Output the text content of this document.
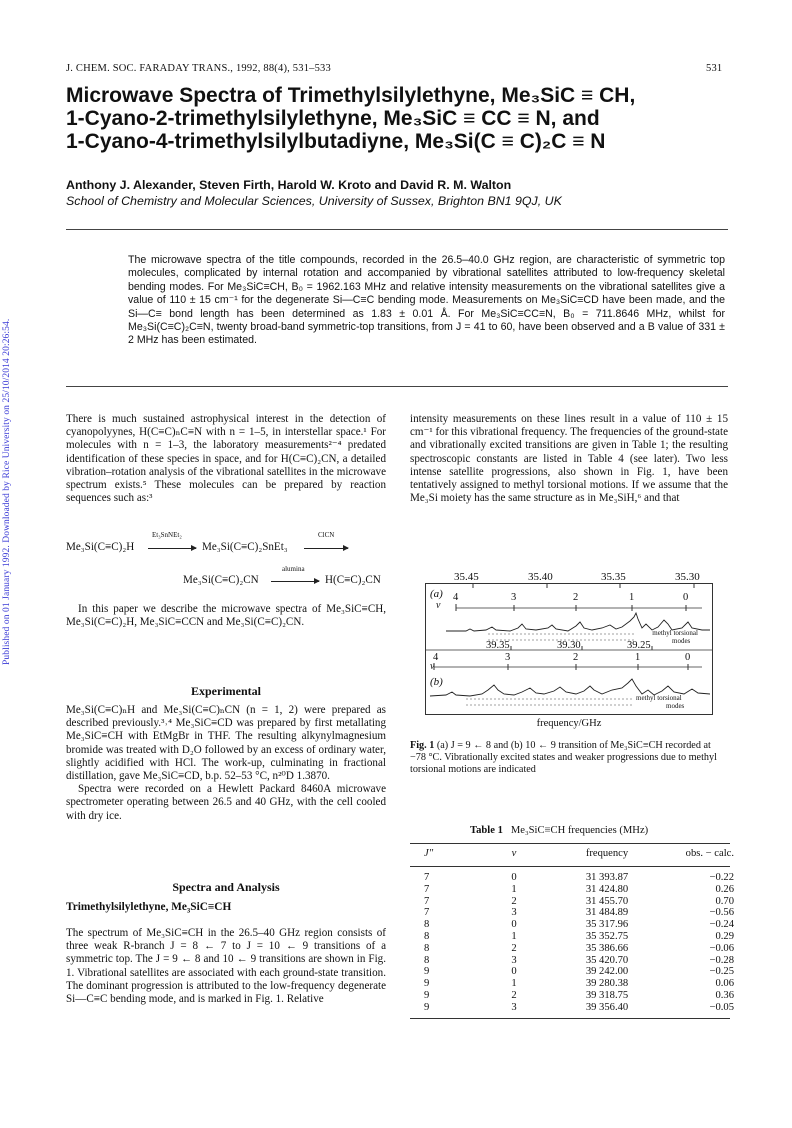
Published on 01 January 1992. Downloaded by Rice University on 25/10/2014 20:26:54.
J. CHEM. SOC. FARADAY TRANS., 1992, 88(4), 531–533	531
Microwave Spectra of Trimethylsilylethyne, Me₃SiC ≡ CH,
1-Cyano-2-trimethylsilylethyne, Me₃SiC ≡ CC ≡ N, and
1-Cyano-4-trimethylsilylbutadiyne, Me₃Si(C ≡ C)₂C ≡ N
Anthony J. Alexander, Steven Firth, Harold W. Kroto and David R. M. Walton
School of Chemistry and Molecular Sciences, University of Sussex, Brighton BN1 9QJ, UK
The microwave spectra of the title compounds, recorded in the 26.5–40.0 GHz region, are characteristic of symmetric top molecules, complicated by internal rotation and accompanied by vibrational satellites attributed to low-frequency skeletal bending modes. For Me₃SiC≡CH, B₀ = 1962.163 MHz and relative intensity measurements on the vibrational satellites give a value of 110 ± 15 cm⁻¹ for the degenerate Si—C≡C bending mode. Measurements on Me₃SiC≡CD have been made, and the Si—C≡ bond length has been determined as 1.83 ± 0.01 Å. For Me₃SiC≡CC≡N, B₀ = 711.8646 MHz, whilst for Me₃Si(C≡C)₂C≡N, twenty broad-band symmetric-top transitions, from J = 41 to 60, have been observed and a B value of 331 ± 2 MHz has been estimated.

There is much sustained astrophysical interest in the detection of cyanopolyynes, H(C≡C)ₙC≡N with n = 1–5, in interstellar space.¹ For molecules with n = 1–3, the laboratory measurements²⁻⁴ predated identification of these species in space, and for H(C≡C)₂CN, a detailed vibration–rotation analysis of the vibrational satellites in the microwave spectrum exists.⁵ These molecules can be prepared by reaction sequences such as:³

Me₃Si(C≡C)₂H
Et₃SnNEt₂
Me₃Si(C≡C)₂SnEt₃
ClCN
Me₃Si(C≡C)₂CN
alumina
H(C≡C)₂CN

In this paper we describe the microwave spectra of Me₃SiC≡CH, Me₃Si(C≡C)₂H, Me₃SiC≡CCN and Me₃Si(C≡C)₂CN.

Experimental

Me₃Si(C≡C)ₙH and Me₃Si(C≡C)ₙCN (n = 1, 2) were prepared as described previously.³˒⁴ Me₃SiC≡CD was prepared by first metallating Me₃SiC≡CH with EtMgBr in THF. The resulting alkynylmagnesium bromide was treated with D₂O followed by an excess of ordinary water, slightly acidified with HCl. The work-up, culminating in fractional distillation, gave Me₃SiC≡CD, b.p. 52–53 °C, n²⁰D 1.3870.

Spectra were recorded on a Hewlett Packard 8460A microwave spectrometer operating between 26.5 and 40 GHz, with the cell cooled with dry ice.

Spectra and Analysis
Trimethylsilylethyne, Me₃SiC≡CH

The spectrum of Me₃SiC≡CH in the 26.5–40 GHz region consists of three weak R-branch J = 8 ← 7 to J = 10 ← 9 transitions of a symmetric top. The J = 9 ← 8 and 10 ← 9 transitions are shown in Fig. 1. Vibrational satellites are associated with each ground-state transition. The dominant progression is attributed to the low-frequency degenerate Si—C≡C bending mode, and is marked in Fig. 1. Relative

intensity measurements on these lines result in a value of 110 ± 15 cm⁻¹ for this vibrational frequency. The frequencies of the ground-state and vibrationally excited transitions are given in Table 1; the resulting spectroscopic constants are listed in Table 4 (see later). Two less intense satellite progressions, also shown in Fig. 1, have been tentatively assigned to methyl torsional motions. If we assume that the Me₃Si moiety has the same structure as in Me₃SiH,⁶ and that

35.45	35.40	35.35	35.30
(a)
v
4	3	2	1	0
methyl torsional
39.35	39.30	39.25	modes
v
4	3	2	1	0
(b)
methyl torsional
modes
frequency/GHz
Fig. 1 (a) J = 9 ← 8 and (b) 10 ← 9 transition of Me₃SiC≡CH recorded at −78 °C. Vibrationally excited states and weaker progressions due to methyl torsional motions are indicated
Table 1 Me₃SiC≡CH frequencies (MHz)
J″	v	frequency	obs. − calc.
7	0	31 393.87	−0.22
7	1	31 424.80	0.26
7	2	31 455.70	0.70
7	3	31 484.89	−0.56
8	0	35 317.96	−0.24
8	1	35 352.75	0.29
8	2	35 386.66	−0.06
8	3	35 420.70	−0.28
9	0	39 242.00	−0.25
9	1	39 280.38	0.06
9	2	39 318.75	0.36
9	3	39 356.40	−0.05
